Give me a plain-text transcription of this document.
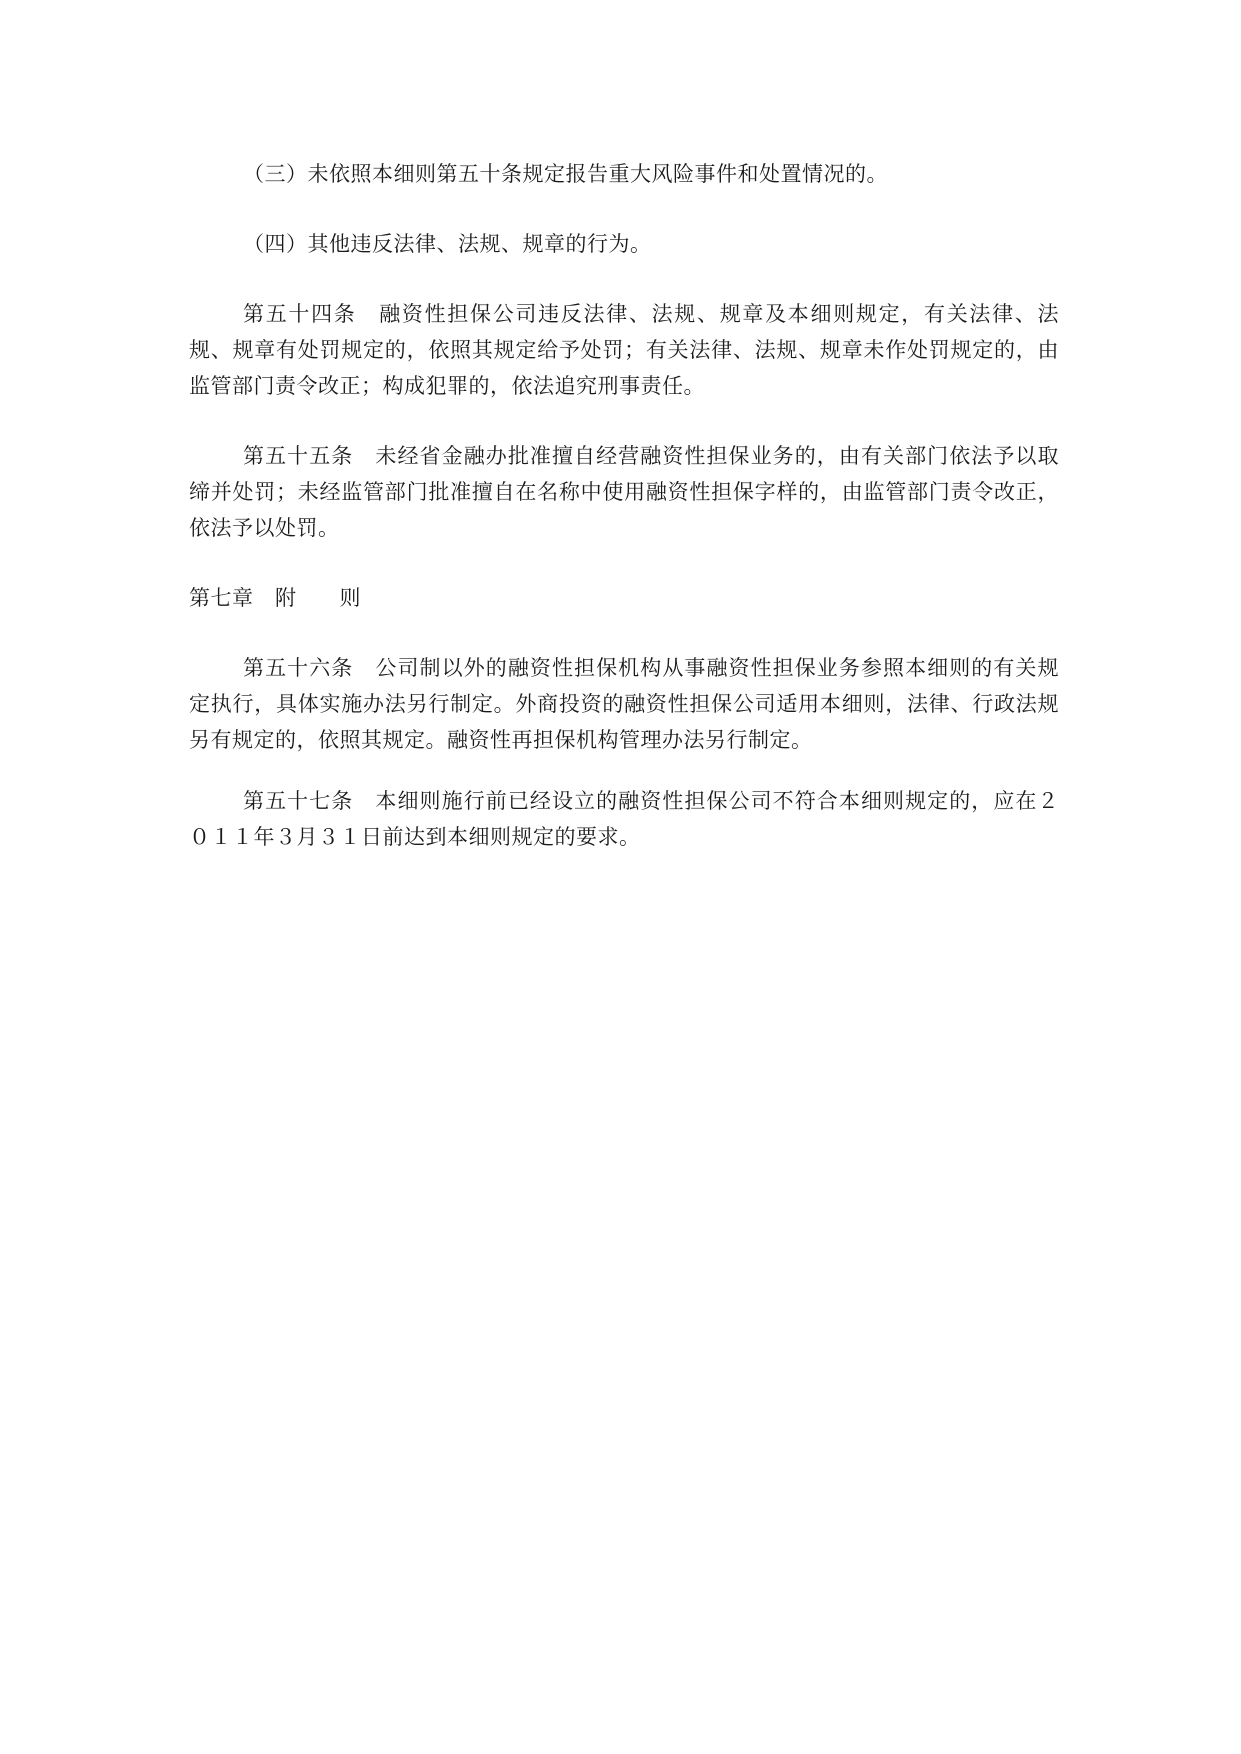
（三）未依照本细则第五十条规定报告重大风险事件和处置情况的。

（四）其他违反法律、法规、规章的行为。

第五十四条　融资性担保公司违反法律、法规、规章及本细则规定，有关法律、法规、规章有处罚规定的，依照其规定给予处罚；有关法律、法规、规章未作处罚规定的，由监管部门责令改正；构成犯罪的，依法追究刑事责任。

第五十五条　未经省金融办批准擅自经营融资性担保业务的，由有关部门依法予以取缔并处罚；未经监管部门批准擅自在名称中使用融资性担保字样的，由监管部门责令改正，依法予以处罚。

第七章　附　　则

第五十六条　公司制以外的融资性担保机构从事融资性担保业务参照本细则的有关规定执行，具体实施办法另行制定。外商投资的融资性担保公司适用本细则，法律、行政法规另有规定的，依照其规定。融资性再担保机构管理办法另行制定。

第五十七条　本细则施行前已经设立的融资性担保公司不符合本细则规定的，应在２０１１年３月３１日前达到本细则规定的要求。
